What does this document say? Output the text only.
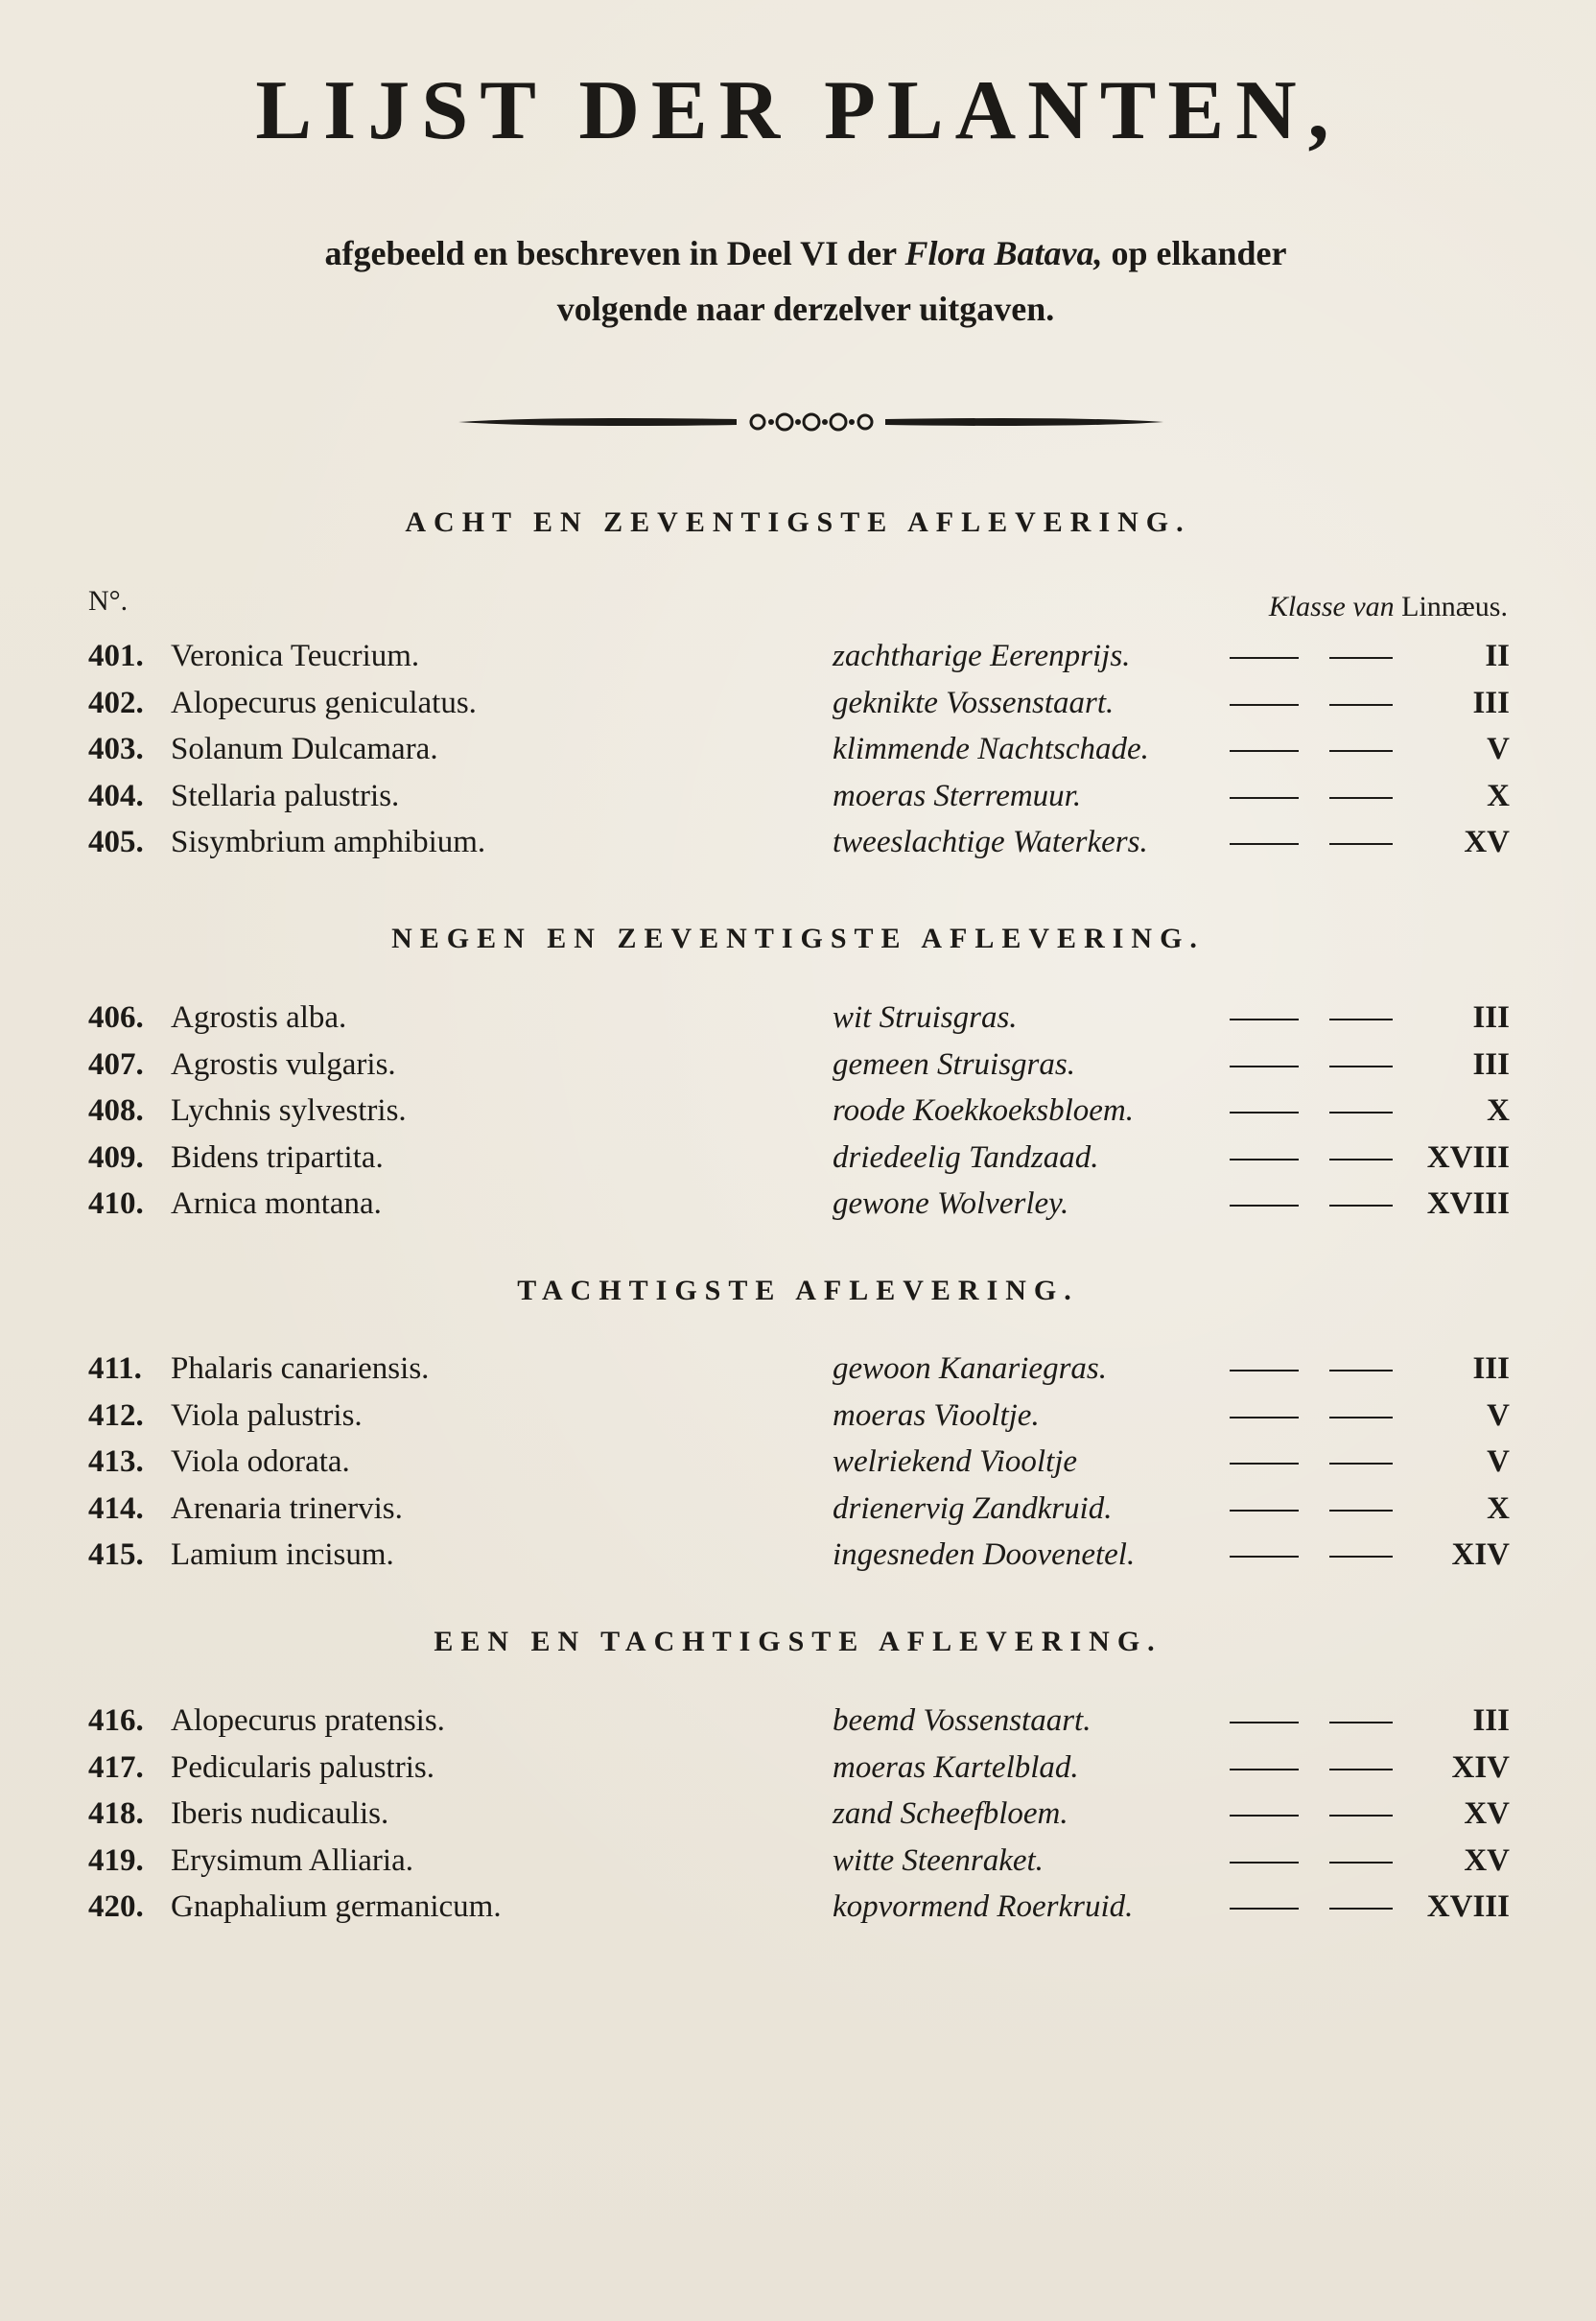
LIJST DER PLANTEN,
afgebeeld en beschreven in Deel VI der Flora Batava, op elkander
volgende naar derzelver uitgaven.
N°.	Klasse van Linnæus.
ACHT EN ZEVENTIGSTE AFLEVERING.
401. Veronica Teucrium.	zachtharige Eerenprijs.	II
402. Alopecurus geniculatus.	geknikte Vossenstaart.	III
403. Solanum Dulcamara.	klimmende Nachtschade.	V
404. Stellaria palustris.	moeras Sterremuur.	X
405. Sisymbrium amphibium.	tweeslachtige Waterkers.	XV
NEGEN EN ZEVENTIGSTE AFLEVERING.
406. Agrostis alba.	wit Struisgras.	III
407. Agrostis vulgaris.	gemeen Struisgras.	III
408. Lychnis sylvestris.	roode Koekkoeksbloem.	X
409. Bidens tripartita.	driedeelig Tandzaad.	XVIII
410. Arnica montana.	gewone Wolverley.	XVIII
TACHTIGSTE AFLEVERING.
411. Phalaris canariensis.	gewoon Kanariegras.	III
412. Viola palustris.	moeras Viooltje.	V
413. Viola odorata.	welriekend Viooltje	V
414. Arenaria trinervis.	drienervig Zandkruid.	X
415. Lamium incisum.	ingesneden Doovenetel.	XIV
EEN EN TACHTIGSTE AFLEVERING.
416. Alopecurus pratensis.	beemd Vossenstaart.	III
417. Pedicularis palustris.	moeras Kartelblad.	XIV
418. Iberis nudicaulis.	zand Scheefbloem.	XV
419. Erysimum Alliaria.	witte Steenraket.	XV
420. Gnaphalium germanicum.	kopvormend Roerkruid.	XVIII
